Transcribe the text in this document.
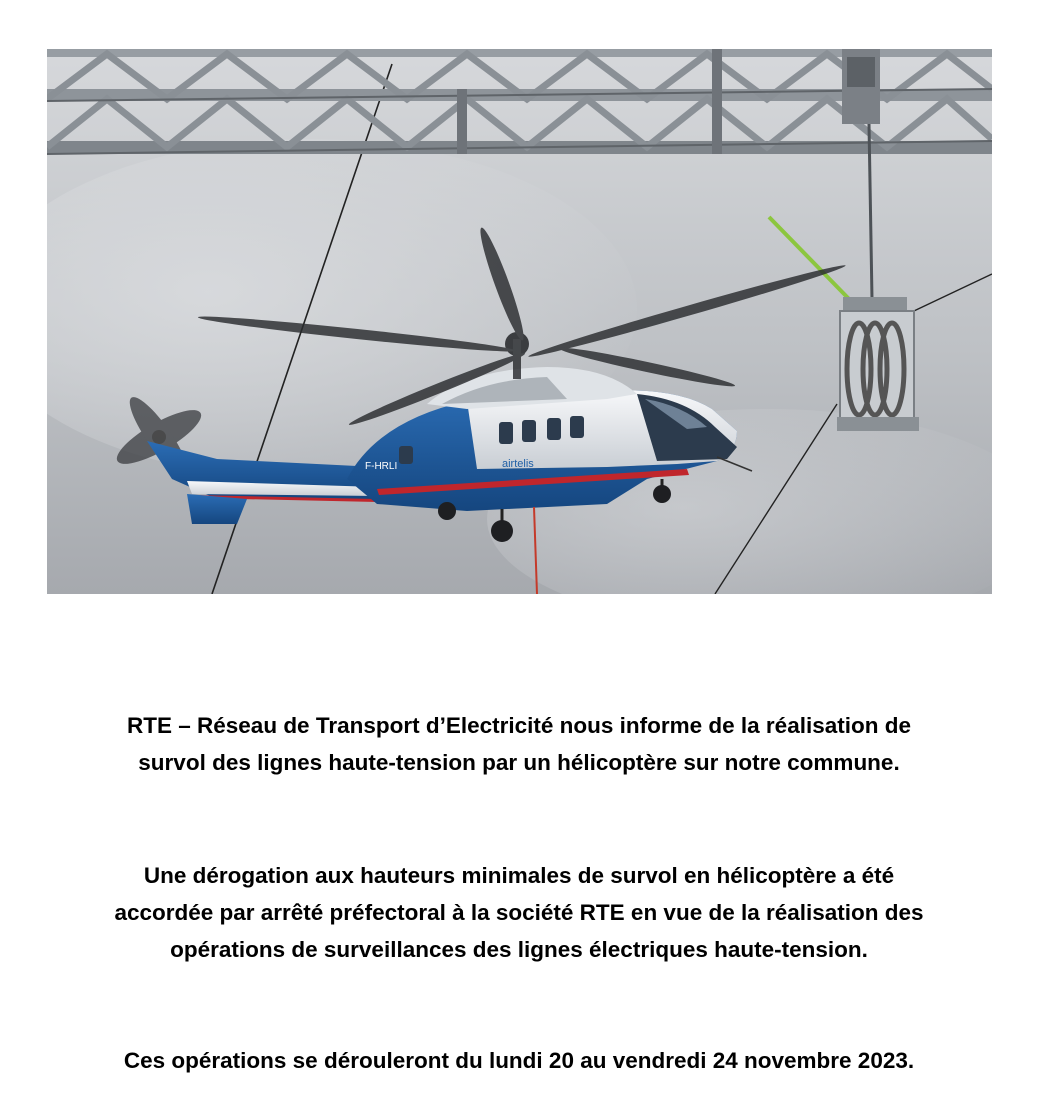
airtelis
F-HRLI

RTE – Réseau de Transport d’Electricité nous informe de la réalisation de
survol des lignes haute-tension par un hélicoptère sur notre commune.

Une dérogation aux hauteurs minimales de survol en hélicoptère a été
accordée par arrêté préfectoral à la société RTE en vue de la réalisation des
opérations de surveillances des lignes électriques haute-tension.

Ces opérations se dérouleront du lundi 20 au vendredi 24 novembre 2023.
